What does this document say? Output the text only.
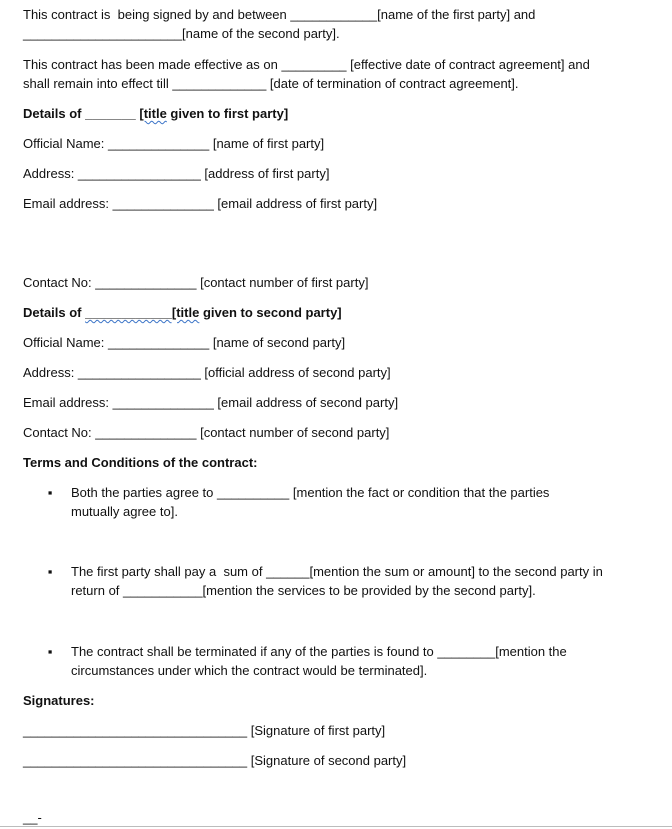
This contract is  being signed by and between ____________[name of the first party] and
______________________[name of the second party].
This contract has been made effective as on _________ [effective date of contract agreement] and
shall remain into effect till _____________ [date of termination of contract agreement].
Details of _______ [title given to first party]
Official Name: ______________ [name of first party]
Address: _________________ [address of first party]
Email address: ______________ [email address of first party]
Contact No: ______________ [contact number of first party]
Details of ____________[title given to second party]
Official Name: ______________ [name of second party]
Address: _________________ [official address of second party]
Email address: ______________ [email address of second party]
Contact No: ______________ [contact number of second party]
Terms and Conditions of the contract:
▪ Both the parties agree to __________ [mention the fact or condition that the parties
mutually agree to].
▪ The first party shall pay a  sum of ______[mention the sum or amount] to the second party in
return of ___________[mention the services to be provided by the second party].
▪ The contract shall be terminated if any of the parties is found to ________[mention the
circumstances under which the contract would be terminated].
Signatures:
_______________________________ [Signature of first party]
_______________________________ [Signature of second party]
__-
